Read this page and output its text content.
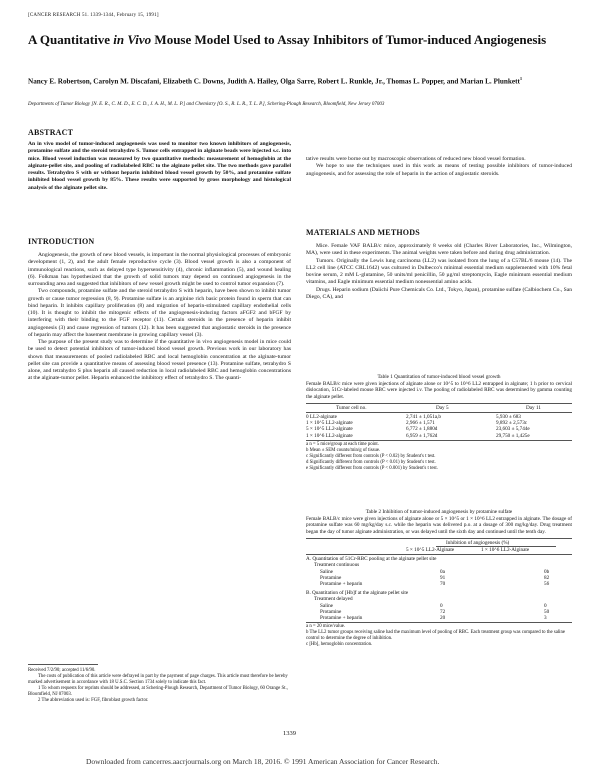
[CANCER RESEARCH 51. 1339-1344, February 15, 1991]
A Quantitative in Vivo Mouse Model Used to Assay Inhibitors of Tumor-induced Angiogenesis
Nancy E. Robertson, Carolyn M. Discafani, Elizabeth C. Downs, Judith A. Hailey, Olga Sarre, Robert L. Runkle, Jr., Thomas L. Popper, and Marian L. Plunkett$^1$
Departments of Tumor Biology [N. E. R., C. M. D., E. C. D., J. A. H., M. L. P.] and Chemistry [O. S., R. L. R., T. L. P.], Schering-Plough Research, Bloomfield, New Jersey 07003
ABSTRACT
An in vivo model of tumor-induced angiogenesis was used to monitor two known inhibitors of angiogenesis, protamine sulfate and the steroid tetrahydro S. Tumor cells entrapped in alginate beads were injected s.c. into mice. Blood vessel induction was measured by two quantitative methods: measurement of hemoglobin at the alginate-pellet site, and pooling of radiolabeled RBC to the alginate pellet site. The two methods gave parallel results. Tetrahydro S with or without heparin inhibited blood vessel growth by 50%, and protamine sulfate inhibited blood vessel growth by 85%. These results were supported by gross morphology and histological analysis of the alginate pellet site.
INTRODUCTION

Angiogenesis, the growth of new blood vessels, is important in the normal physiological processes of embryonic development (1, 2), and the adult female reproductive cycle (3). Blood vessel growth is also a component of immunological reactions, such as delayed type hypersensitivity (4), chronic inflammation (5), and wound healing (6). Folkman has hypothesized that the growth of solid tumors may depend on continued angiogenesis in the surrounding area and suggested that inhibitors of new vessel growth might be used to control tumor expansion (7).

Two compounds, protamine sulfate and the steroid tetrahydro S with heparin, have been shown to inhibit tumor growth or cause tumor regression (8, 9). Protamine sulfate is an arginine rich basic protein found in sperm that can bind heparin. It inhibits capillary proliferation (8) and migration of heparin-stimulated capillary endothelial cells (10). It is thought to inhibit the mitogenic effects of the angiogenesis-inducing factors aFGF2 and bFGF by interfering with their binding to the FGF receptor (11). Certain steroids in the presence of heparin inhibit angiogenesis (3) and cause regression of tumors (12). It has been suggested that angiostatic steroids in the presence of heparin may affect the basement membrane in growing capillary vessel (3).

The purpose of the present study was to determine if the quantitative in vivo angiogenesis model in mice could be used to detect potential inhibitors of tumor-induced blood vessel growth. Previous work in our laboratory has shown that measurements of pooled radiolabeled RBC and local hemoglobin concentration at the alginate-tumor pellet site can provide a quantitative means of assessing blood vessel presence (13). Protamine sulfate, tetrahydro S alone, and tetrahydro S plus heparin all caused reduction in local radiolabeled RBC and hemoglobin concentrations at the alginate-tumor pellet. Heparin enhanced the inhibitory effect of tetrahydro S. The quanti-

Received 7/2/90; accepted 11/6/90.
The costs of publication of this article were defrayed in part by the payment of page charges. This article must therefore be hereby marked advertisement in accordance with 18 U.S.C. Section 1734 solely to indicate this fact.
1 To whom requests for reprints should be addressed, at Schering-Plough Research, Department of Tumor Biology, 60 Orange St., Bloomfield, NJ 07003.
2 The abbreviation used is: FGF, fibroblast growth factor.

tative results were borne out by macroscopic observations of reduced new blood vessel formation.

We hope to use the techniques used in this work as means of testing possible inhibitors of tumor-induced angiogenesis, and for assessing the role of heparin in the action of angiostatic steroids.

MATERIALS AND METHODS

Mice. Female VAF BALB/c mice, approximately 8 weeks old (Charles River Laboratories, Inc., Wilmington, MA), were used in these experiments. The animal weights were taken before and during drug administration.

Tumors. Originally the Lewis lung carcinoma (LL2) was isolated from the lung of a C57BL/6 mouse (14). The LL2 cell line (ATCC CRL1642) was cultured in Dulbecco's minimal essential medium supplemented with 10% fetal bovine serum, 2 mM L-glutamine, 50 units/ml penicillin, 50 µg/ml streptomycin, Eagle minimum essential medium vitamins, and Eagle minimum essential medium nonessential amino acids.

Drugs. Heparin sodium (Daiichi Pure Chemicals Co. Ltd., Tokyo, Japan), protamine sulfate (Calbiochem Co., San Diego, CA), and

Table 1 Quantitation of tumor-induced blood vessel growth
Female BALB/c mice were given injections of alginate alone or 10^5 to 10^6 LL2 entrapped in alginate; 1 h prior to cervical dislocation, 51Cr-labeled mouse RBC were injected i.v. The pooling of radiolabeled RBC was determined by gamma counting the alginate pellet.
Tumor cell no.	Day 5	Day 11
0 LL2-alginate	2,741 ± 1,051a,b	5,930 ± 683
1 × 10^5 LL2-alginate	2,966 ± 1,571	9,892 ± 2,573c
5 × 10^5 LL2-alginate	6,772 ± 1,880d	23,603 ± 5,744e
1 × 10^6 LL2-alginate	6,959 ± 1,762d	29,750 ± 1,425e
a n = 5 mice/group at each time point.
b Mean ± SEM counts/min/g of tissue.
c Significantly different from controls (P < 0.02) by Student's t test.
d Significantly different from controls (P < 0.01) by Student's t test.
e Significantly different from controls (P < 0.001) by Student's t test.
Table 2 Inhibition of tumor-induced angiogenesis by protamine sulfate
Female BALB/c mice were given injections of alginate alone or 5 × 10^5 or 1 × 10^6 LL2 entrapped in alginate. The dosage of protamine sulfate was 60 mg/kg/day s.c. while the heparin was delivered p.o. at a dosage of 300 mg/kg/day. Drug treatment began the day of tumor alginate administration, or was delayed until the sixth day and continued until the tenth day.
Inhibition of angiogenesis (%)
	5 × 10^5 LL2-Alginate	1 × 10^6 LL2-Alginate
A. Quantitation of 51Cr-RBC pooling at the alginate pellet site		
Treatment continuous		
Saline	0a	0b
Protamine	91	82
Protamine + heparin	70	56
B. Quantitation of [Hb]f at the alginate pellet site		
Treatment delayed		
Saline	0	0
Protamine	72	50
Protamine + heparin	20	3
a n = 20 mice/value.
b The LL2 tumor groups receiving saline had the maximum level of pooling of RBC. Each treatment group was compared to the saline control to determine the degree of inhibition.
c [Hb], hemoglobin concentration.
1339
Downloaded from cancerres.aacrjournals.org on March 18, 2016. © 1991 American Association for Cancer Research.
